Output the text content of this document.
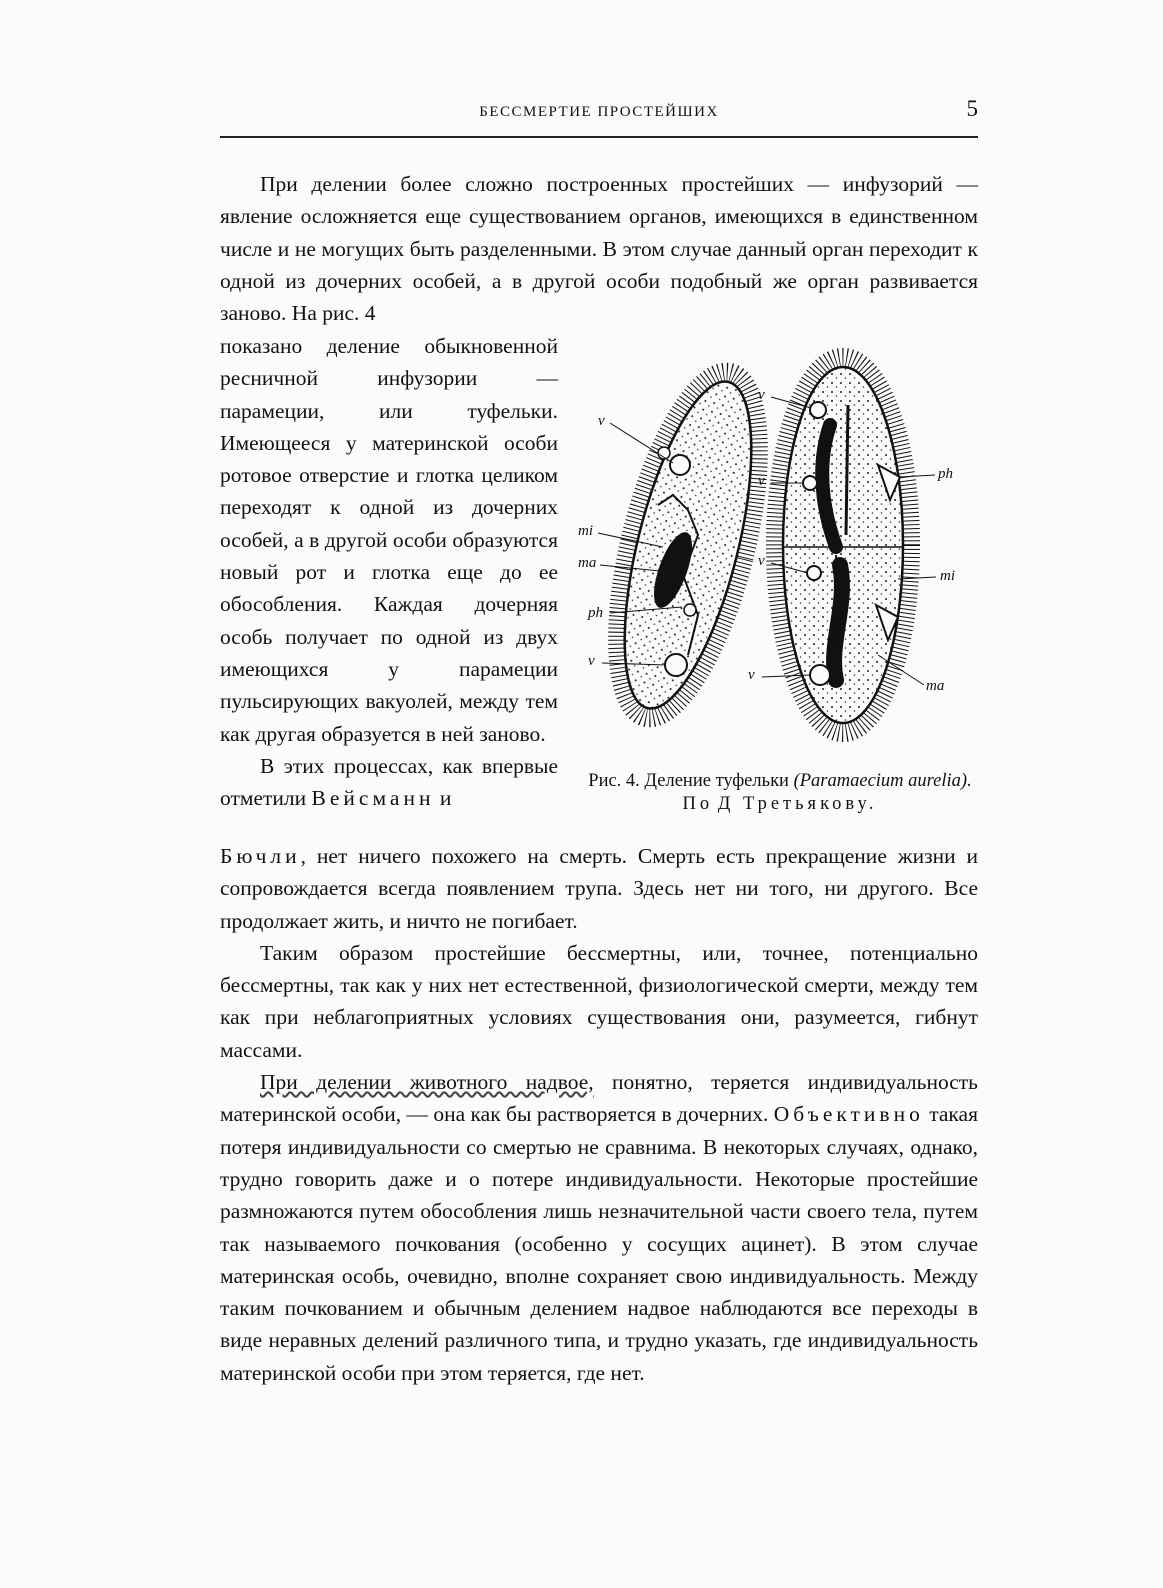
БЕССМЕРТИЕ ПРОСТЕЙШИХ	5

При делении более сложно построенных простейших — инфузорий — явление осложняется еще существованием органов, имеющихся в единственном числе и не могущих быть разделенными. В этом случае данный орган переходит к одной из дочерних особей, а в другой особи подобный же орган развивается заново. На рис. 4

показано деление обыкновенной ресничной инфузории — парамеции, или туфельки. Имеющееся у материнской особи ротовое отверстие и глотка целиком переходят к одной из дочерних особей, а в другой особи образуются новый рот и глотка еще до ее обособления. Каждая дочерняя особь получает по одной из двух имеющихся у парамеции пульсирующих вакуолей, между тем как другая образуется в ней заново.

В этих процессах, как впервые отметили Вейсманн и

Бючли, нет ничего похожего на смерть. Смерть есть прекращение жизни и сопровождается всегда появлением трупа. Здесь нет ни того, ни другого. Все продолжает жить, и ничто не погибает.

Таким образом простейшие бессмертны, или, точнее, потенциально бессмертны, так как у них нет естественной, физиологической смерти, между тем как при неблагоприятных условиях существования они, разумеется, гибнут массами.

При делении животного надвое, понятно, теряется индивидуальность материнской особи, — она как бы растворяется в дочерних. Объективно такая потеря индивидуальности со смертью не сравнима. В некоторых случаях, однако, трудно говорить даже и о потере индивидуальности. Некоторые простейшие размножаются путем обособления лишь незначительной части своего тела, путем так называемого почкования (особенно у сосущих ацинет). В этом случае материнская особь, очевидно, вполне сохраняет свою индивидуальность. Между таким почкованием и обычным делением надвое наблюдаются все переходы в виде неравных делений различного типа, и трудно указать, где индивидуальность материнской особи при этом теряется, где нет.

v
mi
ma
ph
v
v
v	ph
v
mi
v
ma
Рис. 4. Деление туфельки (Paramaecium aurelia). По Д Третьякову.
